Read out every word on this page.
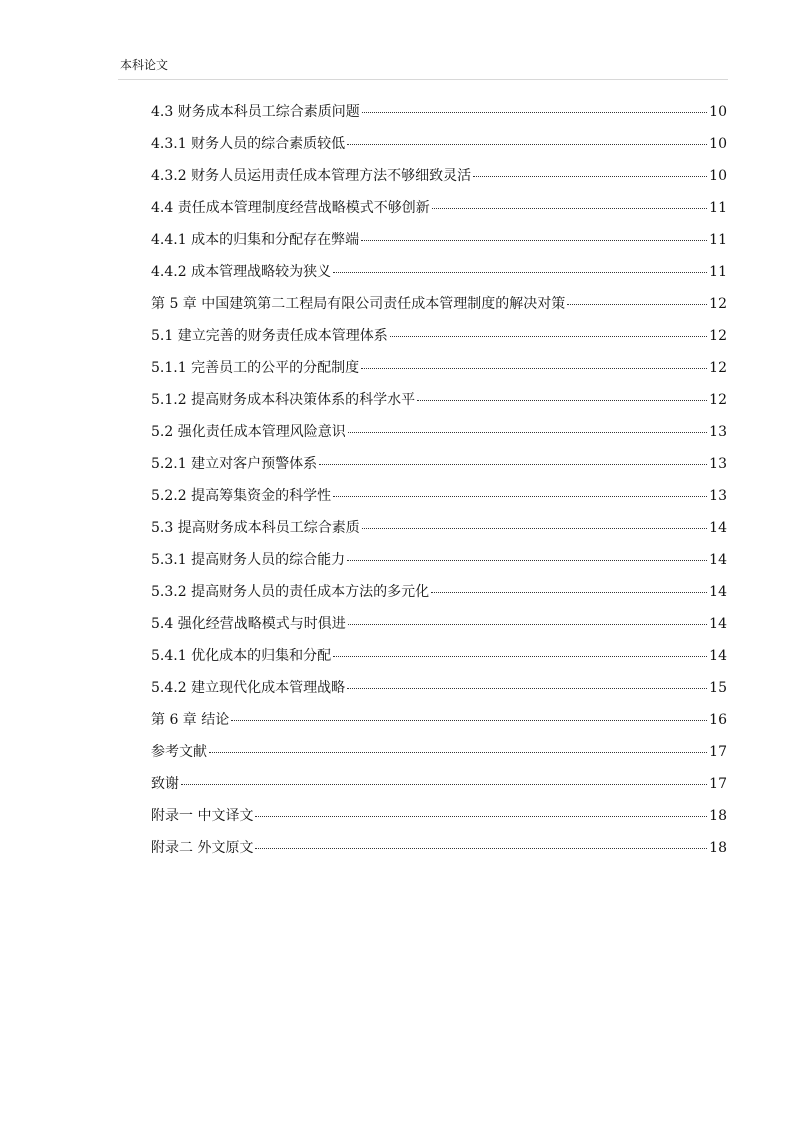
本科论文
4.3 财务成本科员工综合素质问题	10
4.3.1 财务人员的综合素质较低	10
4.3.2 财务人员运用责任成本管理方法不够细致灵活	10
4.4 责任成本管理制度经营战略模式不够创新	11
4.4.1 成本的归集和分配存在弊端	11
4.4.2 成本管理战略较为狭义	11
第 5 章 中国建筑第二工程局有限公司责任成本管理制度的解决对策	12
5.1 建立完善的财务责任成本管理体系	12
5.1.1 完善员工的公平的分配制度	12
5.1.2 提高财务成本科决策体系的科学水平	12
5.2 强化责任成本管理风险意识	13
5.2.1 建立对客户预警体系	13
5.2.2 提高筹集资金的科学性	13
5.3 提高财务成本科员工综合素质	14
5.3.1 提高财务人员的综合能力	14
5.3.2 提高财务人员的责任成本方法的多元化	14
5.4 强化经营战略模式与时俱进	14
5.4.1 优化成本的归集和分配	14
5.4.2 建立现代化成本管理战略	15
第 6 章 结论	16
参考文献	17
致谢	17
附录一 中文译文	18
附录二 外文原文	18
